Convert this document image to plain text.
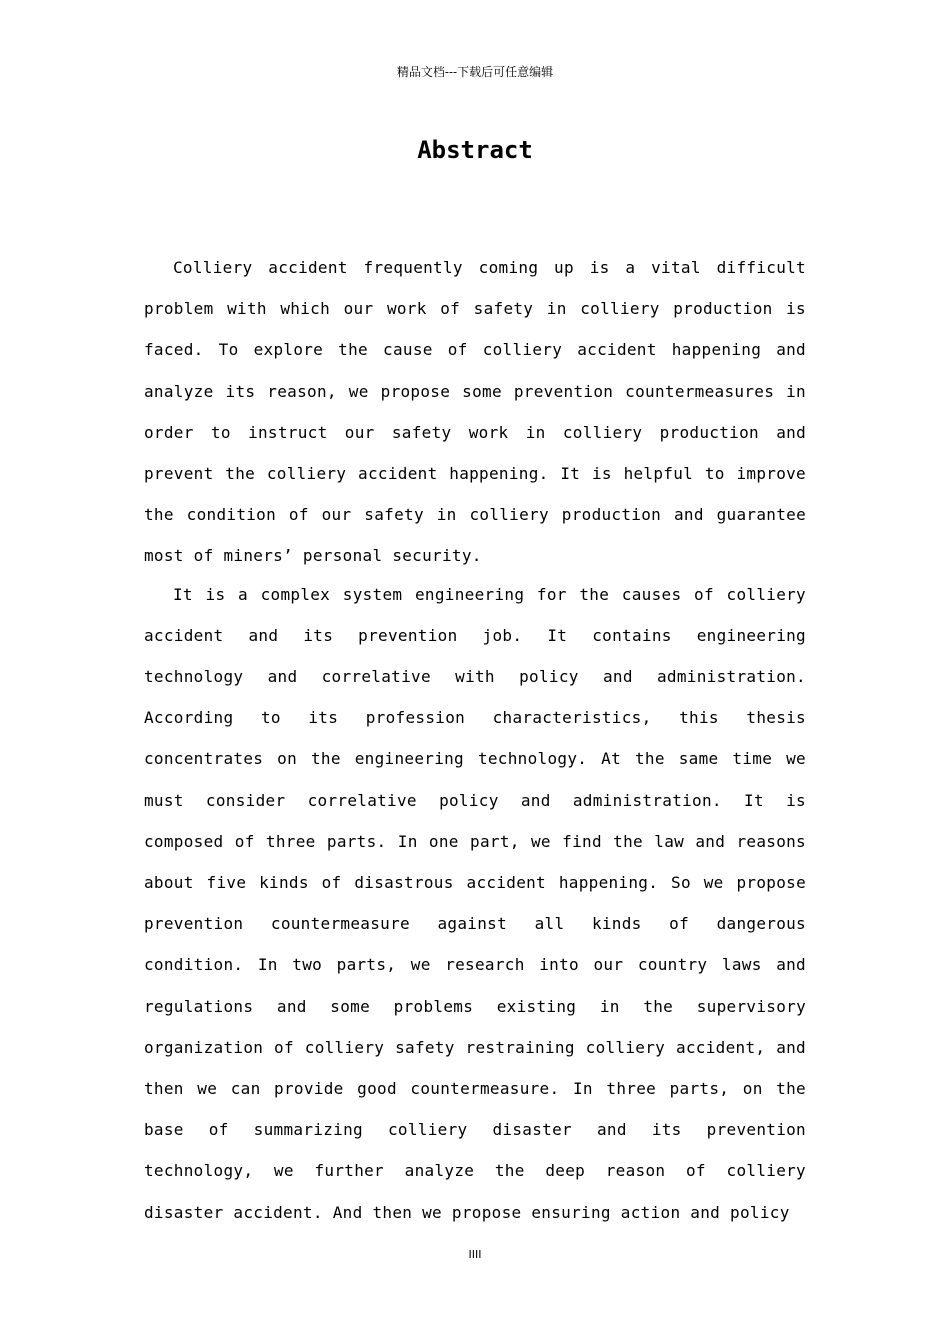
精品文档---下载后可任意编辑
Abstract

Colliery accident frequently coming up is a vital difficult problem with which our work of safety in colliery production is faced. To explore the cause of colliery accident happening and analyze its reason, we propose some prevention countermeasures in order to instruct our safety work in colliery production and prevent the colliery accident happening. It is helpful to improve the condition of our safety in colliery production and guarantee most of miners’ personal security.

It is a complex system engineering for the causes of colliery accident and its prevention job. It contains engineering technology and correlative with policy and administration. According to its profession characteristics, this thesis concentrates on the engineering technology. At the same time we must consider correlative policy and administration. It is composed of three parts. In one part, we find the law and reasons about five kinds of disastrous accident happening. So we propose prevention countermeasure against all kinds of dangerous condition. In two parts, we research into our country laws and regulations and some problems existing in the supervisory organization of colliery safety restraining colliery accident, and then we can provide good countermeasure. In three parts, on the base of summarizing colliery disaster and its prevention technology, we further analyze the deep reason of colliery disaster accident. And then we propose ensuring action and policy

IIII
